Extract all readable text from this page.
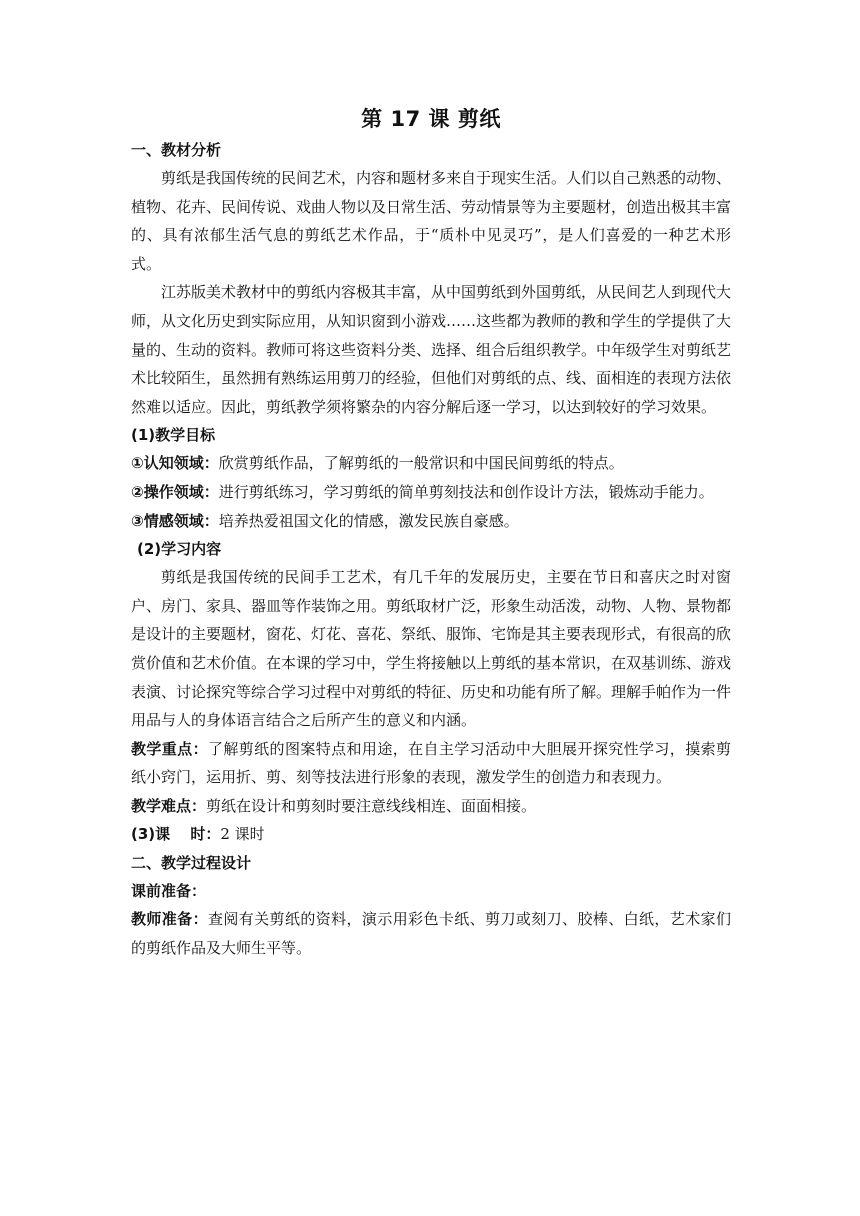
第 17 课 剪纸

一、教材分析

剪纸是我国传统的民间艺术，内容和题材多来自于现实生活。人们以自己熟悉的动物、植物、花卉、民间传说、戏曲人物以及日常生活、劳动情景等为主要题材，创造出极其丰富的、具有浓郁生活气息的剪纸艺术作品，于“质朴中见灵巧”，是人们喜爱的一种艺术形式。

江苏版美术教材中的剪纸内容极其丰富，从中国剪纸到外国剪纸，从民间艺人到现代大师，从文化历史到实际应用，从知识窗到小游戏……这些都为教师的教和学生的学提供了大量的、生动的资料。教师可将这些资料分类、选择、组合后组织教学。中年级学生对剪纸艺术比较陌生，虽然拥有熟练运用剪刀的经验，但他们对剪纸的点、线、面相连的表现方法依然难以适应。因此，剪纸教学须将繁杂的内容分解后逐一学习，以达到较好的学习效果。

(1)教学目标

①认知领域：欣赏剪纸作品，了解剪纸的一般常识和中国民间剪纸的特点。

②操作领域：进行剪纸练习，学习剪纸的简单剪刻技法和创作设计方法，锻炼动手能力。

③情感领域：培养热爱祖国文化的情感，激发民族自豪感。

(2)学习内容

剪纸是我国传统的民间手工艺术，有几千年的发展历史，主要在节日和喜庆之时对窗户、房门、家具、器皿等作装饰之用。剪纸取材广泛，形象生动活泼，动物、人物、景物都是设计的主要题材，窗花、灯花、喜花、祭纸、服饰、宅饰是其主要表现形式，有很高的欣赏价值和艺术价值。在本课的学习中，学生将接触以上剪纸的基本常识，在双基训练、游戏表演、讨论探究等综合学习过程中对剪纸的特征、历史和功能有所了解。理解手帕作为一件用品与人的身体语言结合之后所产生的意义和内涵。

教学重点：了解剪纸的图案特点和用途，在自主学习活动中大胆展开探究性学习，摸索剪纸小窍门，运用折、剪、刻等技法进行形象的表现，激发学生的创造力和表现力。

教学难点：剪纸在设计和剪刻时要注意线线相连、面面相接。

(3)课　 时：2 课时

二、教学过程设计

课前准备：

教师准备：查阅有关剪纸的资料，演示用彩色卡纸、剪刀或刻刀、胶棒、白纸，艺术家们的剪纸作品及大师生平等。
